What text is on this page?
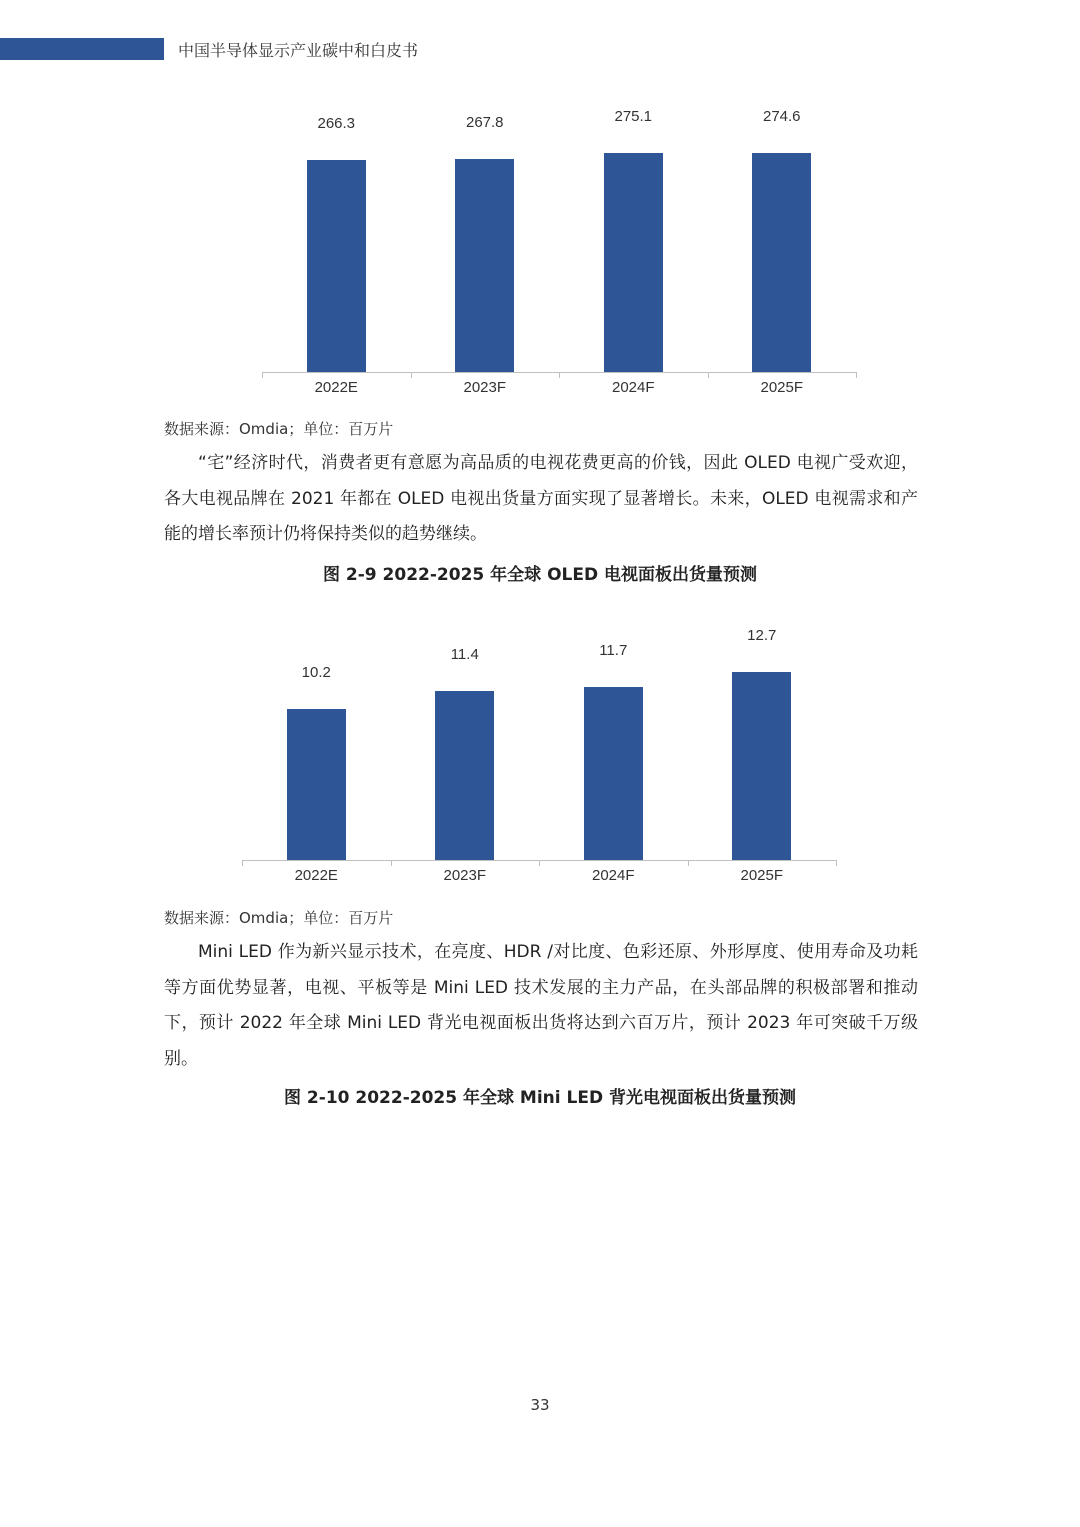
中国半导体显示产业碳中和白皮书
数据来源：Omdia；单位：百万片

“宅”经济时代，消费者更有意愿为高品质的电视花费更高的价钱，因此 OLED 电视广受欢迎，各大电视品牌在 2021 年都在 OLED 电视出货量方面实现了显著增长。未来，OLED 电视需求和产能的增长率预计仍将保持类似的趋势继续。

图 2-9 2022-2025 年全球 OLED 电视面板出货量预测
数据来源：Omdia；单位：百万片

Mini LED 作为新兴显示技术，在亮度、HDR /对比度、色彩还原、外形厚度、使用寿命及功耗等方面优势显著，电视、平板等是 Mini LED 技术发展的主力产品，在头部品牌的积极部署和推动下，预计 2022 年全球 Mini LED 背光电视面板出货将达到六百万片，预计 2023 年可突破千万级别。

图 2-10 2022-2025 年全球 Mini LED 背光电视面板出货量预测
33
266.3
2022E
267.8
2023F
275.1
2024F
274.6
2025F
10.2
2022E
11.4
2023F
11.7
2024F
12.7
2025F
